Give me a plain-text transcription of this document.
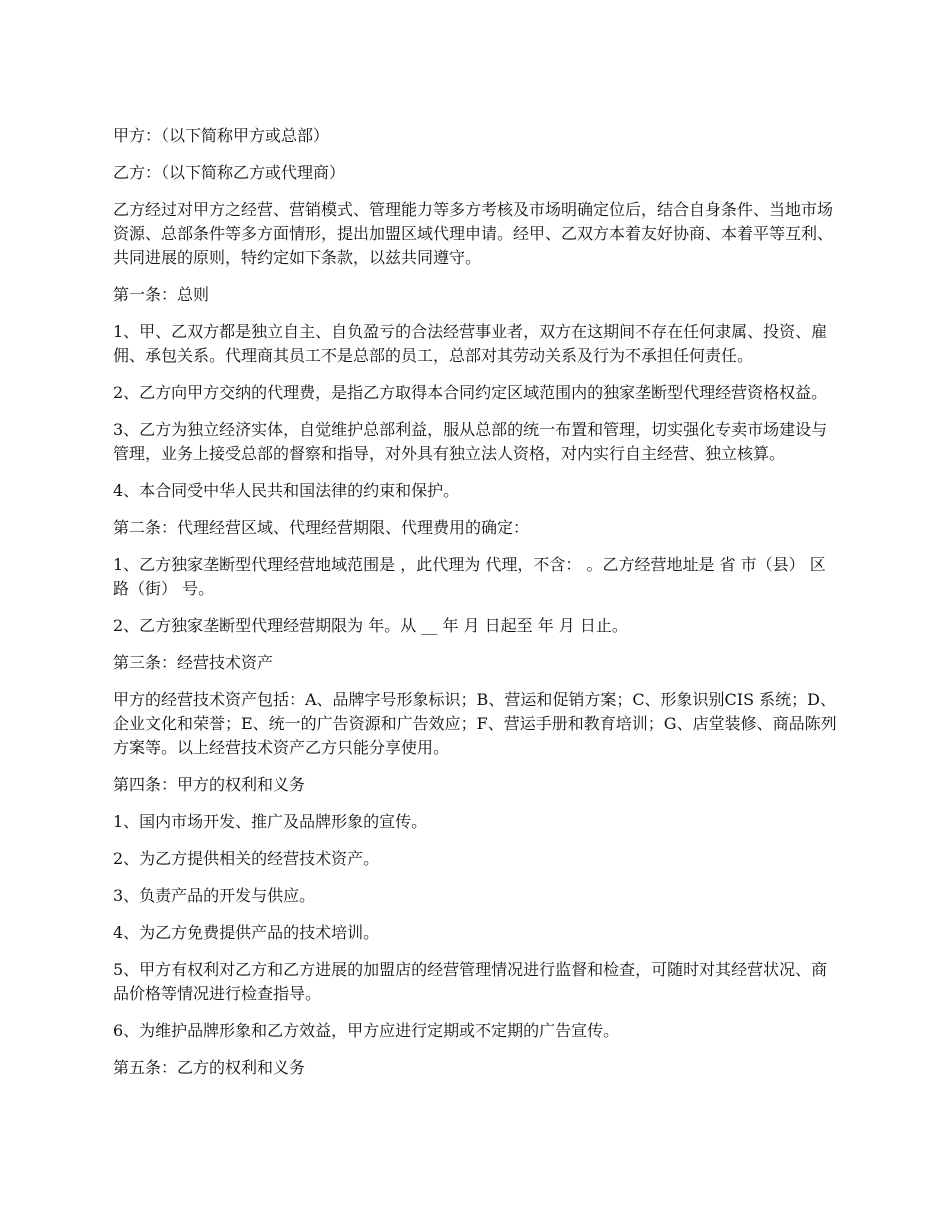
甲方：（以下简称甲方或总部）

乙方：（以下简称乙方或代理商）

乙方经过对甲方之经营、营销模式、管理能力等多方考核及市场明确定位后，结合自身条件、当地市场资源、总部条件等多方面情形，提出加盟区域代理申请。经甲、乙双方本着友好协商、本着平等互利、共同进展的原则，特约定如下条款，以兹共同遵守。

第一条：总则

1、甲、乙双方都是独立自主、自负盈亏的合法经营事业者，双方在这期间不存在任何隶属、投资、雇佣、承包关系。代理商其员工不是总部的员工，总部对其劳动关系及行为不承担任何责任。

2、乙方向甲方交纳的代理费，是指乙方取得本合同约定区域范围内的独家垄断型代理经营资格权益。

3、乙方为独立经济实体，自觉维护总部利益，服从总部的统一布置和管理，切实强化专卖市场建设与管理，业务上接受总部的督察和指导，对外具有独立法人资格，对内实行自主经营、独立核算。

4、本合同受中华人民共和国法律的约束和保护。

第二条：代理经营区域、代理经营期限、代理费用的确定：

1、乙方独家垄断型代理经营地域范围是 ，此代理为 代理，不含： 。乙方经营地址是 省 市（县） 区 路（街） 号。

2、乙方独家垄断型代理经营期限为 年。从 __ 年 月 日起至 年 月 日止。

第三条：经营技术资产

甲方的经营技术资产包括：A、品牌字号形象标识；B、营运和促销方案；C、形象识别CIS 系统；D、企业文化和荣誉；E、统一的广告资源和广告效应；F、营运手册和教育培训；G、店堂装修、商品陈列方案等。以上经营技术资产乙方只能分享使用。

第四条：甲方的权利和义务

1、国内市场开发、推广及品牌形象的宣传。

2、为乙方提供相关的经营技术资产。

3、负责产品的开发与供应。

4、为乙方免费提供产品的技术培训。

5、甲方有权利对乙方和乙方进展的加盟店的经营管理情况进行监督和检查，可随时对其经营状况、商品价格等情况进行检查指导。

6、为维护品牌形象和乙方效益，甲方应进行定期或不定期的广告宣传。

第五条：乙方的权利和义务
